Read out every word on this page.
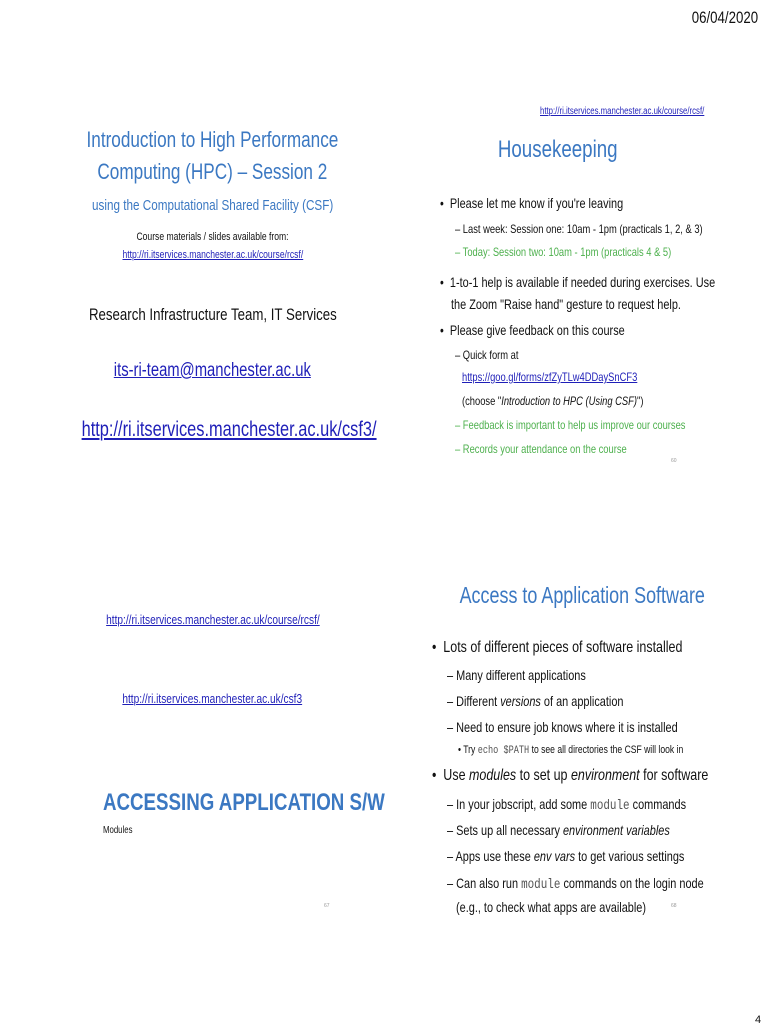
06/04/2020
Introduction to High Performance
Computing (HPC) – Session 2
using the Computational Shared Facility (CSF)
Course materials / slides available from:
http://ri.itservices.manchester.ac.uk/course/rcsf/
Research Infrastructure Team, IT Services
its-ri-team@manchester.ac.uk
http://ri.itservices.manchester.ac.uk/csf3/
http://ri.itservices.manchester.ac.uk/course/rcsf/
Housekeeping
•  Please let me know if you're leaving
– Last week: Session one: 10am - 1pm (practicals 1, 2, & 3)
– Today: Session two: 10am - 1pm (practicals 4 & 5)
•  1-to-1 help is available if needed during exercises. Use
the Zoom "Raise hand" gesture to request help.
•  Please give feedback on this course
– Quick form at
https://goo.gl/forms/zfZyTLw4DDaySnCF3
(choose "Introduction to HPC (Using CSF)")
– Feedback is important to help us improve our courses
– Records your attendance on the course
60
http://ri.itservices.manchester.ac.uk/course/rcsf/
http://ri.itservices.manchester.ac.uk/csf3
ACCESSING APPLICATION S/W
Modules
67
Access to Application Software
•  Lots of different pieces of software installed
– Many different applications
– Different versions of an application
– Need to ensure job knows where it is installed
• Try echo $PATH to see all directories the CSF will look in
•  Use modules to set up environment for software
– In your jobscript, add some module commands
– Sets up all necessary environment variables
– Apps use these env vars to get various settings
– Can also run module commands on the login node
(e.g., to check what apps are available)	68
4
